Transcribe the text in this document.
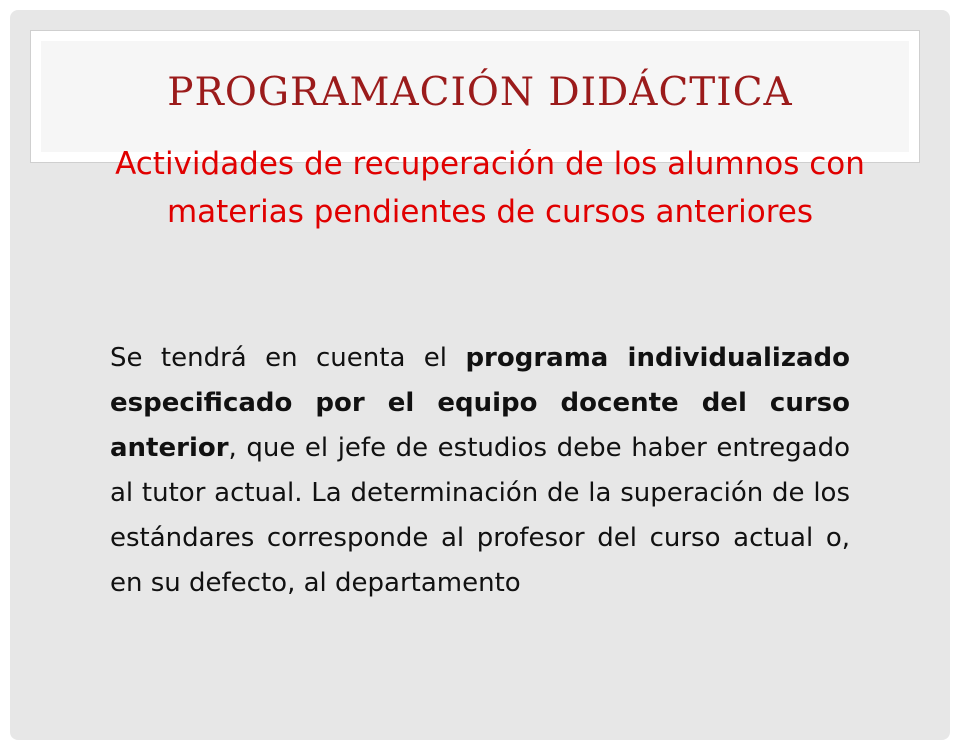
PROGRAMACIÓN DIDÁCTICA

Actividades de recuperación de los alumnos con materias pendientes de cursos anteriores

Se tendrá en cuenta el programa individualizado especificado por el equipo docente del curso anterior, que el jefe de estudios debe haber entregado al tutor actual. La determinación de la superación de los estándares corresponde al profesor del curso actual o, en su defecto, al departamento
